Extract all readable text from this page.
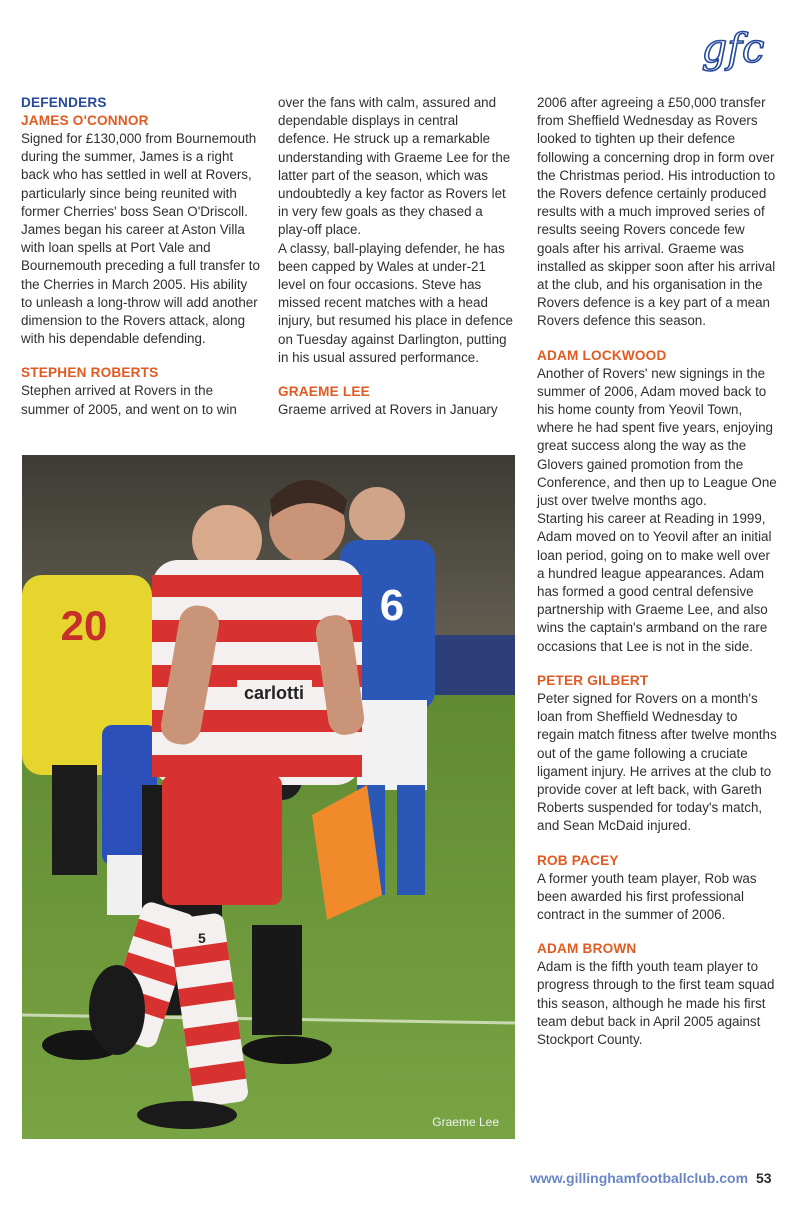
gfc
DEFENDERS
JAMES O'CONNOR

Signed for £130,000 from Bournemouth during the summer, James is a right back who has settled in well at Rovers, particularly since being reunited with former Cherries' boss Sean O'Driscoll. James began his career at Aston Villa with loan spells at Port Vale and Bournemouth preceding a full transfer to the Cherries in March 2005. His ability to unleash a long-throw will add another dimension to the Rovers attack, along with his dependable defending.

STEPHEN ROBERTS

Stephen arrived at Rovers in the summer of 2005, and went on to win

over the fans with calm, assured and dependable displays in central defence. He struck up a remarkable understanding with Graeme Lee for the latter part of the season, which was undoubtedly a key factor as Rovers let in very few goals as they chased a play-off place.

A classy, ball-playing defender, he has been capped by Wales at under-21 level on four occasions. Steve has missed recent matches with a head injury, but resumed his place in defence on Tuesday against Darlington, putting in his usual assured performance.

GRAEME LEE

Graeme arrived at Rovers in January

2006 after agreeing a £50,000 transfer from Sheffield Wednesday as Rovers looked to tighten up their defence following a concerning drop in form over the Christmas period. His introduction to the Rovers defence certainly produced results with a much improved series of results seeing Rovers concede few goals after his arrival. Graeme was installed as skipper soon after his arrival at the club, and his organisation in the Rovers defence is a key part of a mean Rovers defence this season.

ADAM LOCKWOOD

Another of Rovers' new signings in the summer of 2006, Adam moved back to his home county from Yeovil Town, where he had spent five years, enjoying great success along the way as the Glovers gained promotion from the Conference, and then up to League One just over twelve months ago.

Starting his career at Reading in 1999, Adam moved on to Yeovil after an initial loan period, going on to make well over a hundred league appearances. Adam has formed a good central defensive partnership with Graeme Lee, and also wins the captain's armband on the rare occasions that Lee is not in the side.

PETER GILBERT

Peter signed for Rovers on a month's loan from Sheffield Wednesday to regain match fitness after twelve months out of the game following a cruciate ligament injury. He arrives at the club to provide cover at left back, with Gareth Roberts suspended for today's match, and Sean McDaid injured.

ROB PACEY

A former youth team player, Rob was been awarded his first professional contract in the summer of 2006.

ADAM BROWN

Adam is the fifth youth team player to progress through to the first team squad this season, although he made his first team debut back in April 2005 against Stockport County.

20	6
carlotti
5
Graeme Lee
www.gillinghamfootballclub.com 53
